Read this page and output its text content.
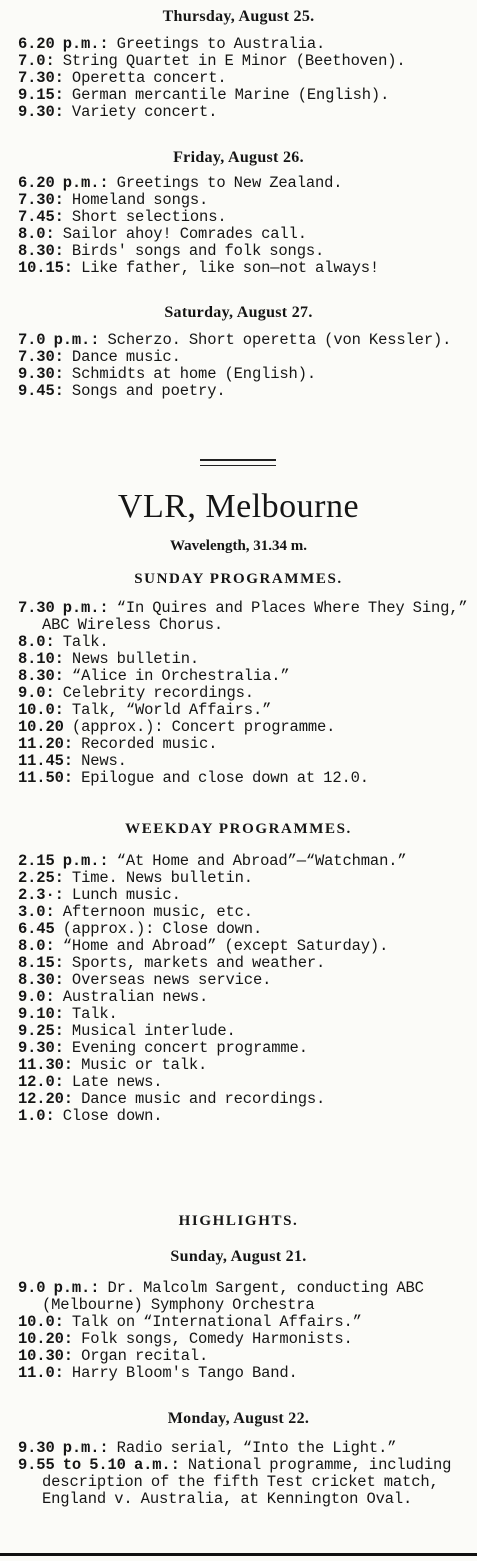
Thursday, August 25.

6.20 p.m.: Greetings to Australia.

7.0: String Quartet in E Minor (Beethoven).

7.30: Operetta concert.

9.15: German mercantile Marine (English).

9.30: Variety concert.

Friday, August 26.

6.20 p.m.: Greetings to New Zealand.

7.30: Homeland songs.

7.45: Short selections.

8.0: Sailor ahoy! Comrades call.

8.30: Birds' songs and folk songs.

10.15: Like father, like son—not always!

Saturday, August 27.

7.0 p.m.: Scherzo. Short operetta (von Kessler).

7.30: Dance music.

9.30: Schmidts at home (English).

9.45: Songs and poetry.

VLR, Melbourne

Wavelength, 31.34 m.

SUNDAY PROGRAMMES.

7.30 p.m.: “In Quires and Places Where They Sing,” ABC Wireless Chorus.

8.0: Talk.

8.10: News bulletin.

8.30: “Alice in Orchestralia.”

9.0: Celebrity recordings.

10.0: Talk, “World Affairs.”

10.20 (approx.): Concert programme.

11.20: Recorded music.

11.45: News.

11.50: Epilogue and close down at 12.0.

WEEKDAY PROGRAMMES.

2.15 p.m.: “At Home and Abroad”—“Watchman.”

2.25: Time. News bulletin.

2.3·: Lunch music.

3.0: Afternoon music, etc.

6.45 (approx.): Close down.

8.0: “Home and Abroad” (except Saturday).

8.15: Sports, markets and weather.

8.30: Overseas news service.

9.0: Australian news.

9.10: Talk.

9.25: Musical interlude.

9.30: Evening concert programme.

11.30: Music or talk.

12.0: Late news.

12.20: Dance music and recordings.

1.0: Close down.

HIGHLIGHTS.

Sunday, August 21.

9.0 p.m.: Dr. Malcolm Sargent, conducting ABC (Melbourne) Symphony Orchestra

10.0: Talk on “International Affairs.”

10.20: Folk songs, Comedy Harmonists.

10.30: Organ recital.

11.0: Harry Bloom's Tango Band.

Monday, August 22.

9.30 p.m.: Radio serial, “Into the Light.”

9.55 to 5.10 a.m.: National programme, including description of the fifth Test cricket match, England v. Australia, at Kennington Oval.
